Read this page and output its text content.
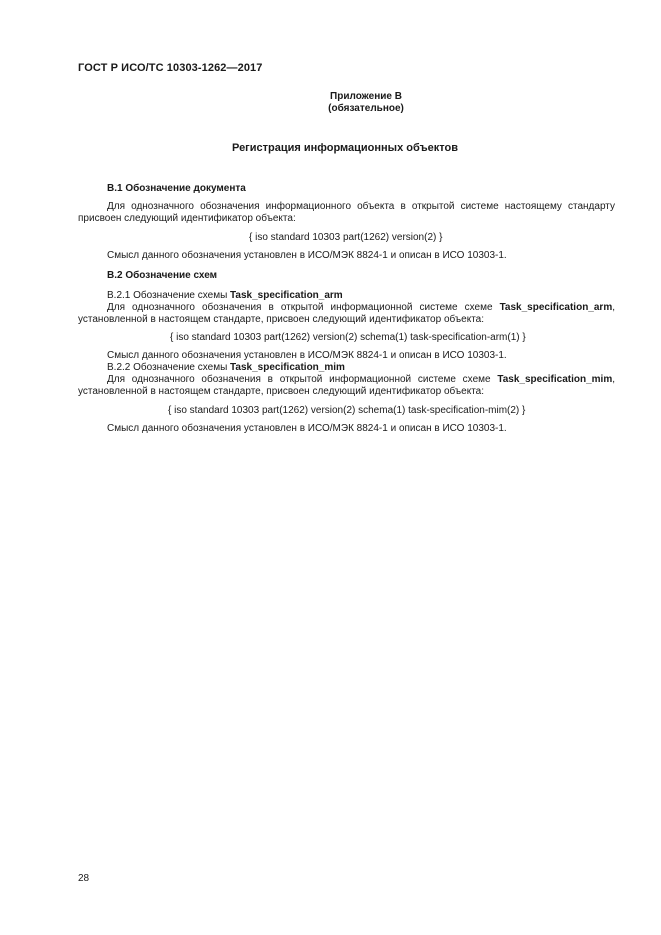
ГОСТ Р ИСО/ТС 10303-1262—2017
Приложение В
(обязательное)
Регистрация информационных объектов
В.1 Обозначение документа
Для однозначного обозначения информационного объекта в открытой системе настоящему стандарту присвоен следующий идентификатор объекта:
{ iso standard 10303 part(1262) version(2) }
Смысл данного обозначения установлен в ИСО/МЭК 8824-1 и описан в ИСО 10303-1.
В.2 Обозначение схем
В.2.1 Обозначение схемы Task_specification_arm
Для однозначного обозначения в открытой информационной системе схеме Task_specification_arm, установленной в настоящем стандарте, присвоен следующий идентификатор объекта:
{ iso standard 10303 part(1262) version(2) schema(1) task-specification-arm(1) }
Смысл данного обозначения установлен в ИСО/МЭК 8824-1 и описан в ИСО 10303-1.
В.2.2 Обозначение схемы Task_specification_mim
Для однозначного обозначения в открытой информационной системе схеме Task_specification_mim, установленной в настоящем стандарте, присвоен следующий идентификатор объекта:
{ iso standard 10303 part(1262) version(2) schema(1) task-specification-mim(2) }
Смысл данного обозначения установлен в ИСО/МЭК 8824-1 и описан в ИСО 10303-1.
28
